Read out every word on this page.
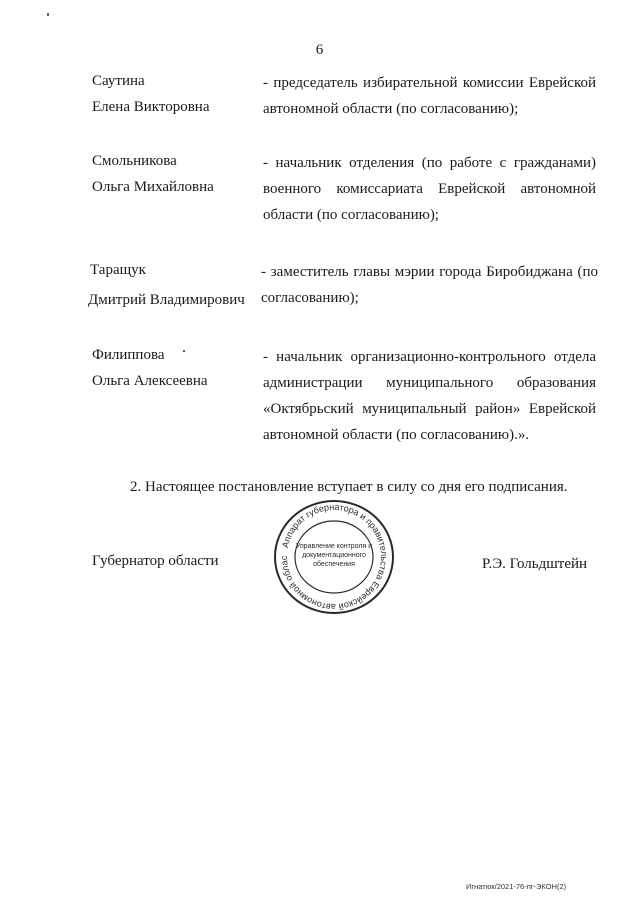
6
Саутина
Елена Викторовна
- председатель избирательной комиссии Еврейской автономной области (по согласованию);
Смольникова
Ольга Михайловна
- начальник отделения (по работе с гражданами) военного комиссариата Еврейской автономной области (по согласованию);
Таращук
Дмитрий Владимирович
- заместитель главы мэрии города Биробиджана (по согласованию);
Филиппова
Ольга Алексеевна
- начальник организационно-контрольного отдела администрации муниципального образования «Октябрьский муниципальный район» Еврейской автономной области (по согласованию).».
2. Настоящее постановление вступает в силу со дня его подписания.
Губернатор области
Аппарат губернатора и правительства Еврейской автономной облас
Управление контроля и
документационного
обеспечения	Р.Э. Гольдштейн
Игнатюк/2021-76-пг-ЭКОН(2)
